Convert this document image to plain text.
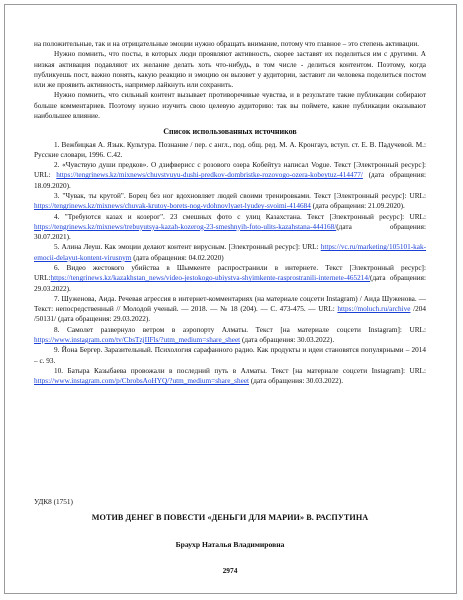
на положительные, так и на отрицательные эмоции нужно обращать внимание, потому что главное – это степень активации.

Нужно помнить, что посты, в которых люди проявляют активность, скорее заставят их поделиться им с другими. А низкая активация подавляют их желание делать хоть что-нибудь, в том числе - делиться контентом. Поэтому, когда публикуешь пост, важно понять, какую реакцию и эмоцию он вызовет у аудитории, заставит ли человека поделиться постом или же проявить активность, например лайкнуть или сохранить.

Нужно помнить, что сильный контент вызывает противоречивые чувства, и в результате такие публикации собирают больше комментариев. Поэтому нужно изучить свою целевую аудиторию: так вы поймете, какие публикации оказывают наибольшее влияние.

Список использованных источников

1. Вежбицкая А. Язык. Культура. Познание / пер. с англ., под. общ. ред. М. А. Кронгауз, вступ. ст. Е. В. Падучевой. М.: Русские словари, 1996. С.42.

2. «Чувствую души предков». О дзифверисс с розового озера Кобейтуз написал Vogue. Текст [Электронный ресурс]: URL: https://tengrinews.kz/mixnews/chuvstvuyu-dushi-predkov-dombristke-rozovogo-ozera-kobeytuz-414477/ (дата обращения: 18.09.2020).

3. "Чувак, ты крутой". Борец без ног вдохновляет людей своими тренировками. Текст [Электронный ресурс]: URL: https://tengrinews.kz/mixnews/chuvak-krutoy-borets-nog-vdohnovlyaet-lyudey-svoimi-414684 (дата обращения: 21.09.2020).

4. "Требуются казах и козерог". 23 смешных фото с улиц Казахстана. Текст [Электронный ресурс]: URL: https://tengrinews.kz/mixnews/trebuyutsya-kazah-kozerog-23-smeshnyih-foto-ulits-kazahstana-444168/(дата обращения: 30.07.2021).

5. Алина Леуш. Как эмоции делают контент вирусным. [Электронный ресурс]: URL: https://vc.ru/marketing/105101-kak-emocii-delayut-kontent-virusnym (дата обращения: 04.02.2020)

6. Видео жестокого убийства в Шымкенте распространили в интернете. Текст [Электронный ресурс]: URL:https://tengrinews.kz/kazakhstan_news/video-jestokogo-ubiystva-shyimkente-rasprostranili-internete-465214/(дата обращения: 29.03.2022).

7. Шуженова, Аида. Речевая агрессия в интернет-комментариях (на материале соцсети Instagram) / Аида Шуженова. — Текст: непосредственный // Молодой ученый. — 2018. — № 18 (204). — С. 473-475. — URL: https://moluch.ru/archive /204 /50131/ (дата обращения: 29.03.2022).

8. Самолет развернуло ветром в аэропорту Алматы. Текст [на материале соцсети Instagram]: URL: https://www.instagram.com/tv/CbsTzjIIFls/?utm_medium=share_sheet (дата обращения: 30.03.2022).

9. Йона Бергер. Заразительный. Психология сарафанного радио. Как продукты и идеи становятся популярными – 2014 – с. 93.

10. Батыра Казыбаева провожали в последний путь в Алматы. Текст [на материале соцсети Instagram]: URL: https://www.instagram.com/p/CbrobsAoHYQ/?utm_medium=share_sheet (дата обращения: 30.03.2022).

УДК8 (1751)
МОТИВ ДЕНЕГ В ПОВЕСТИ «ДЕНЬГИ ДЛЯ МАРИИ» В. РАСПУТИНА
Браухр Наталья Владимировна
2974
